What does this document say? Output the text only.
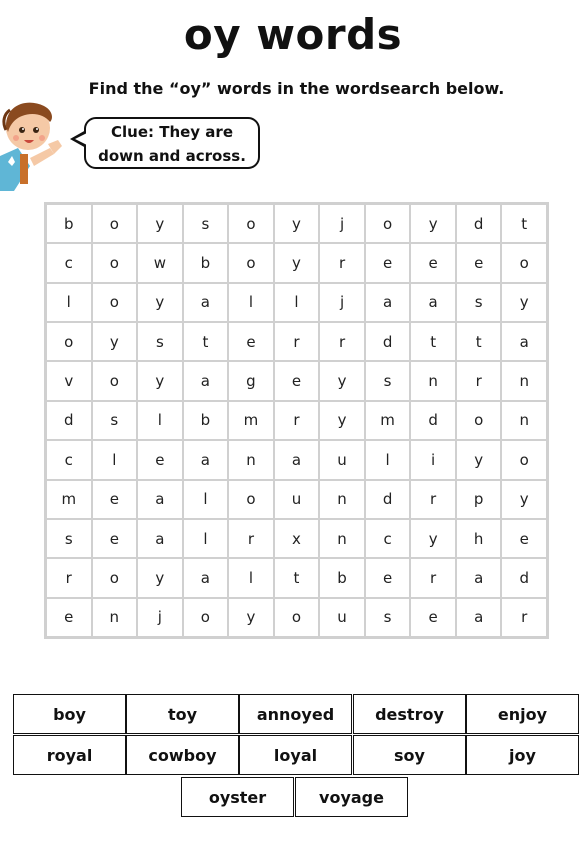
oy words
Find the “oy” words in the wordsearch below.
Clue: They are
down and across.
b	o	y	s	o	y	j	o	y	d	t
c	o	w	b	o	y	r	e	e	e	o
l	o	y	a	l	l	j	a	a	s	y
o	y	s	t	e	r	r	d	t	t	a
v	o	y	a	g	e	y	s	n	r	n
d	s	l	b	m	r	y	m	d	o	n
c	l	e	a	n	a	u	l	i	y	o
m	e	a	l	o	u	n	d	r	p	y
s	e	a	l	r	x	n	c	y	h	e
r	o	y	a	l	t	b	e	r	a	d
e	n	j	o	y	o	u	s	e	a	r
boy	toy	annoyed	destroy	enjoy
royal	cowboy	loyal	soy	joy
oyster	voyage
